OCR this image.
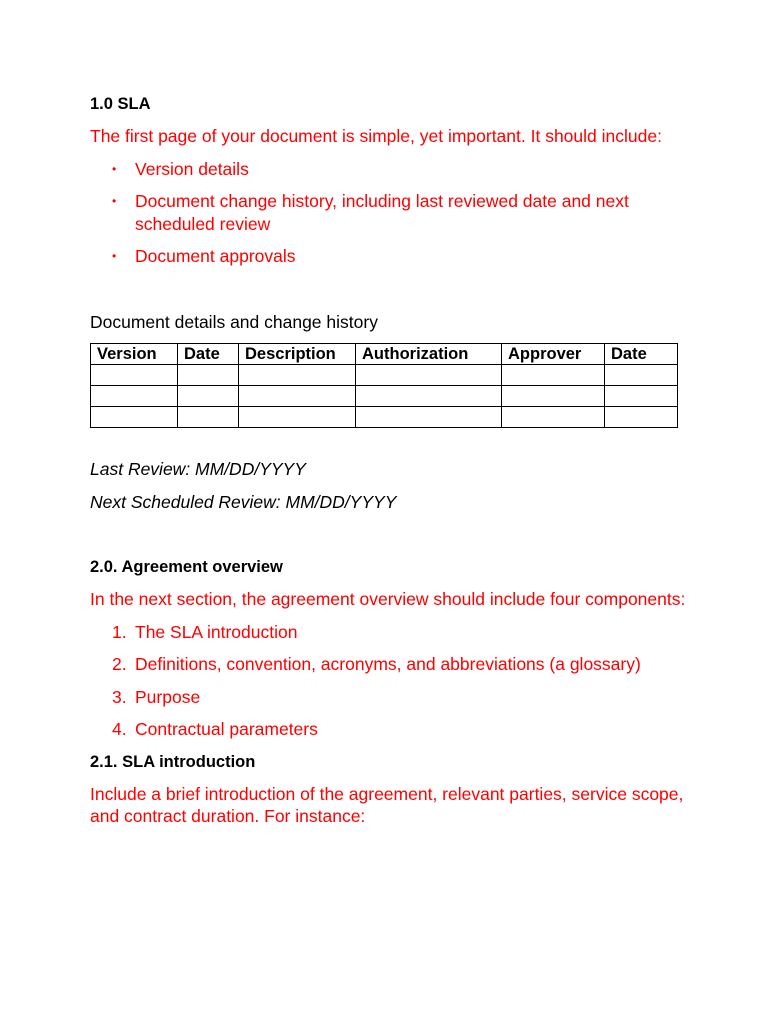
1.0 SLA

The first page of your document is simple, yet important. It should include:

• Version details
• Document change history, including last reviewed date and next scheduled review
• Document approvals

Document details and change history

Version	Date	Description	Authorization	Approver	Date

Last Review: MM/DD/YYYY

Next Scheduled Review: MM/DD/YYYY

2.0. Agreement overview

In the next section, the agreement overview should include four components:

1. The SLA introduction
2. Definitions, convention, acronyms, and abbreviations (a glossary)
3. Purpose
4. Contractual parameters
2.1. SLA introduction

Include a brief introduction of the agreement, relevant parties, service scope, and contract duration. For instance:
